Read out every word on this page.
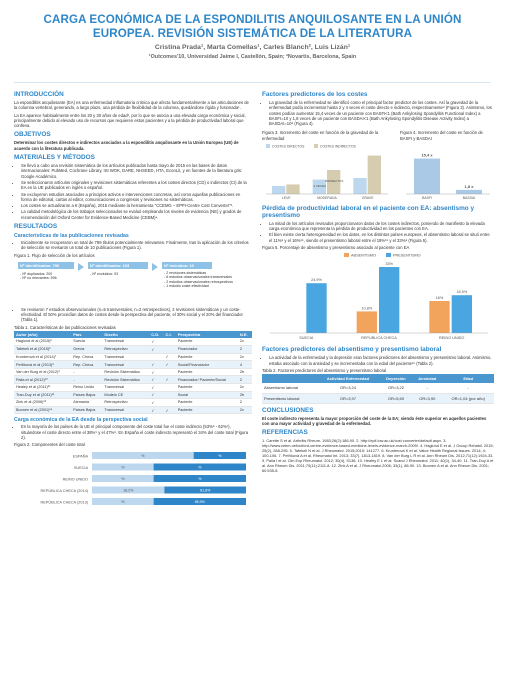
CARGA ECONÓMICA DE LA ESPONDILITIS ANQUILOSANTE EN LA UNIÓN EUROPEA. REVISIÓN SISTEMÁTICA DE LA LITERATURA
Cristina Prada¹, Marta Comellas¹, Carles Blanch², Luis Lizán¹
¹Outcomes'10, Universidad Jaime I, Castellón, Spain; ²Novartis, Barcelona, Spain
INTRODUCCIÓN

La espondilitis anquilosante (EA) es una enfermedad inflamatoria crónica que afecta fundamentalmente a las articulaciones de la columna vertebral, generando, a largo plazo, una pérdida de flexibilidad de la columna, quedándose rígida y fusionada¹.

La EA aparece habitualmente entre los 20 y 30 años de edad², por lo que se asocia a una elevada carga económica y social, principalmente debido al elevado uso de recursos que requieren estos pacientes y a la pérdida de productividad laboral que conlleva.

OBJETIVOS

Determinar los costes directos e indirectos asociados a la espondilitis anquilosante en la Unión Europea (UE) de acuerdo con la literatura publicada.

MATERIALES Y MÉTODOS
• Se llevó a cabo una revisión sistemática de los artículos publicados hasta mayo de 2015 en las bases de datos internacionales: PubMed, Cochrane Library, ISI WOK, DARE, NHSEED, HTA, EconLit, y en fuentes de la literatura gris: Google Académico.
• Se seleccionaron artículos originales y revisiones sistemáticas referentes a los costes directos (CD) o indirectos (CI) de la EA en la UE publicados en inglés o español.
• Se excluyeron estudios asociados a principios activos e intervenciones concretas, así como aquellas publicaciones en forma de editorial, cartas al editor, comunicaciones a congresos y revisiones no sistemáticas.
• Los costes se actualizaron a € (España), 2015 mediante la herramienta "CCEMG – EPPI-Centre Cost Converter"³.
• La calidad metodológica de los trabajos seleccionados se evaluó empleando los niveles de evidencia (NE) y grados de recomendación del Oxford Center for Evidence-Based Medicine (CEBM)⁴.
RESULTADOS
Características de las publicaciones revisadas
• Inicialmente se recuperaron un total de 799 títulos potencialmente relevantes. Finalmente, tras la aplicación de los criterios de selección se revisaron un total de 10 publicaciones (Figura 1).
Figura 1. Flujo de selección de los artículos
Nº identificados: 799
- Nº duplicados: 200
- Nº no relevantes: 596
Nº identificados: 103
- Nº excluidos: 93
Nº incluidos: 10
- 2 revisiones sistemáticas
- 6 estudios observacionales transversales
- 2 estudios observacionales retrospectivos
- 1 estudio coste-efectividad
• Se revisaron 7 estudios observacionales (n=5 transversales, n=2 retrospectivos), 2 revisiones sistemáticas y un coste-efectividad. El 50% procedían datos de costes desde la perspectiva del paciente, el 30% social y el 20% del financiador (Tabla 1).
Tabla 1. Características de las publicaciones revisadas
Autor (año)	País	Diseño	C.D.	C.I.	Perspectiva	N.E.
Haglund et al (2015)⁵	Suecia	Transversal	✓		Paciente	2c
Tafekeli et al (2015)⁶	Grecia	Retrospectivo	✓		Financiador	2
Krunterová et al (2014)⁷	Rep. Checa	Transversal		✓	Paciente	2c
Petříková et al (2013)⁸	Rep. Checa	Transversal	✓	✓	Social/Financiador	4
Van der Burg et al (2012)⁹	-	Revisión Sistemática	✓		Paciente	2b
Palla et al (2012)¹⁰	-	Revisión Sistemática	✓	✓	Financiador/ Paciente/Social	2
Healey et al (2011)¹¹	Reino Unido	Transversal	✓		Paciente	2c
Tran-Duy et al (2011)¹²	Países Bajos	Modelo CE	✓		Social	2b
Zink et al (2006)¹³	Alemania	Retrospectivo	✓		Paciente	2
Boonen et al (2001)¹⁴	Países Bajos	Transversal	✓	✓	Paciente	2c
Carga económica de la EA desde la perspectiva social
• En la mayoría de los países de la UE el principal componente del coste total fue el coste indirecto (53%⁸ - 62%¹), situándose el coste directo entre el 38%⁹ y el 47%⁸. En España el coste indirecto representó el 34% del coste total (Figura 2).
Figura 2. Componentes del coste total
ESPAÑA	%	%
SUECIA	%	%
REINO UNIDO	%	%
REPÚBLICA CHECA (2014)	18,2%	81,8%
REPÚBLICA CHECA (2013)	%	85,9%
Factores predictores de los costes
• La gravedad de la enfermedad se identificó como el principal factor predictor de los costes. Así la gravedad de la enfermedad podía incrementar hasta 2 y 4 veces el coste directo e indirecto, respectivamente⁸ (Figura 3). Asimismo, los costes podían aumentar 15,4 veces de un paciente con BASFI<1 (Bath Ankylosing Spondylitis Functional Index) a BASFI=10 y 1,8 veces de un paciente con BASDAI<1 (Bath Ankylosing Spondylitis Disease Activity Index) a BASDAI=10⁸ (Figura 4).
Figura 3. Incremento del coste en función de la gravedad de la enfermedad
COSTES DIRECTOS	COSTES INDIRECTOS
LEVE	MODERADA
2 VECES
INDIRECTOS
GRAVE
Figura 4. Incremento del coste en función de BASFI y BASDAI
15,4 x
BASFI
1,8 x
BASDAI
Pérdida de productividad laboral en el paciente con EA: absentismo y presentismo
• La mitad de los artículos revisados proporcionaron datos de los costes indirectos, poniendo de manifiesto la elevada carga económica que representa la pérdida de productividad en los pacientes con EA.
• El bien existe cierta heterogeneidad en los datos, en los distintos países europeos, el absentismo laboral se situó entre el 11%⁸ y el 16%¹⁵, siendo el presentismo laboral entre el 19%¹⁵ y el 33%⁸ (Figura 5).
Figura 5. Porcentaje de absentismo y presentismo asociado al paciente con EA
ABSENTISMO	PRESENTISMO
24,9%
SUECIA
10,8%
33%
REPUBLICA CHECA
16%
18,9%
REINO UNIDO
Factores predictores del absentismo y presentismo laboral
• La actividad de la enfermedad y la depresión eran factores predictores del absentismo y presentismo laboral. Asimismo, estaba asociado con la ansiedad y se incrementaba con la edad del paciente¹⁵ (Tabla 2).
Tabla 2. Factores predictores del absentismo y presentismo laboral
	Actividad Enfermedad	Depresión	Ansiedad	Edad
Absentismo laboral	OR=3,24	OR=3,22	-	-
Presentismo laboral	OR=3,97	OR=5,69	OR=3,90	OR=1,04 (por año)
CONCLUSIONES

El coste indirecto representa la mayor proporción del coste de la EA; siendo éste superior en aquellos pacientes con una mayor actividad y gravedad de la enfermedad.

REFERENCIAS

1. Carette S et al. Arthritis Rheum. 1983;26(2):186-90. 2. http://epil.low.ac.uk/cost converter/default.aspx. 3. http://www.cebm.net/oxford-centre-evidence-based-medicine-levels-evidence-march-2009/. 4. Haglund E et al. J Occup Rehabil. 2015; 25(2), 288-295. 5. Tafekeli N et al. J Rheumatol. 2015;2015: 141277. 6. Krunterová K et al. Value Health Regional Issues. 2014; 4: 100-106. 7. Petříková A et al. Rheumatol Int. 2013; 33(7), 1813-1819. 8. Van der Burg L R et al. Ann Rheum Dis. 2012;71(12):1924-33. 9. Palla I et al. Clin Exp Rheumatol. 2012; 30(4), S136. 10. Healey E L et al. Scand J Rheumatol. 2011; 40(1), 34-40. 11. Tran-Duy A et al. Ann Rheum Dis. 2011;70(11):2111-8. 12. Zink A et al. J Rheumatol.2006; 33(1), 86-90. 13. Boonen A et al. Ann Rheum Dis. 2001; 60:535-8.
